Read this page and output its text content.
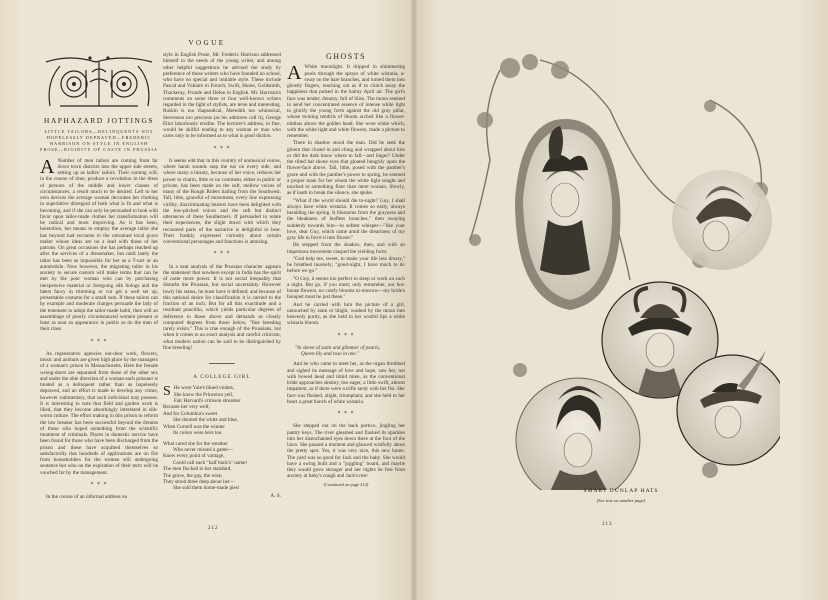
VOGUE
HAPHAZARD JOTTINGS
LITTLE TAILORS—DELINQUENTS NOT HOPELESSLY DEPRAVED—FREDERIC HARRISON ON STYLE IN ENGLISH PROSE—RIGIDITY OF CASTE IN PRUSSIA

A Number of men tailors are coming from far down town districts into the upper side streets, setting up as ladies' tailors. Their coming will, in the course of time, produce a revolution in the dress of persons of the middle and lower classes of circumstances, a result much to be desired. Left to her own devices the average woman decorates her clothing in superlative disregard of both what is fit and what is becoming, and if she can only be persuaded to look with favor upon tailor-made clothes her transformation will be radical and most improving. As it has been, heretofore, her means to employ the average tailor she has beyond had recourse to the untrained local gown maker whose ideas are on a lead with those of her patrons. On great occasions she has perhaps reached up after the services of a dressmaker, but until lately the tailor has been as impossible for her as a T-cart or an automobile. Now however, the migrating tailor in his anxiety to secure custom will make terms that can be met by the poor woman who can by purchasing inexpensive material or foregoing silk linings and the latest fancy in trimming or cut get a well set up, presentable costume for a small sum. If these tailors can by example and moderate charges persuade the lady of the tenement to adopt the tailor-made habit, then will an assemblage of poorly circumstanced women present at least as neat an appearance in public as do the men of their class.

* * *

As regenerative agencies out-door work, flowers, music and animals are given high place by the managers of a woman's prison in Massachusetts. Here the female wrong-doers are separated from those of the other sex and under the able direction of a woman each prisoner is treated as a delinquent rather than as hopelessly depraved, and an effort is made to develop any virtue, however rudimentary, that such individual may possess. It is interesting to note that field and garden work is liked, that they become absorbingly interested in silk-worm culture. The effort making in this prison to reform the law breaker has been successful beyond the dreams of those who hoped something from the scientific treatment of criminals. Places in domestic service have been found for those who have been discharged from the prison and these have acquitted themselves so satisfactorily that hundreds of applications are on file from householders for the women still undergoing sentence but who on the expiration of their term will be vouched for by the management.

* * *

In the course of an informal address on

style in English Prose, Mr. Frederic Harrison addressed himself to the needs of the young writer, and among other helpful suggestions he advised the study by preference of those writers who have founded no school, who have no special and imitable style. These include Pascal and Voltaire in French; Swift, Hume, Goldsmith, Thackeray, Froude and Defoe in English. Mr. Harrison's comments on some three or four well-known writers regarded in the light of stylists, are terse and interesting. Ruskin is too rhapsodical, Meredith too whimsical, Stevenson too precious (as his admirers call it), George Eliot laboriously erudite. The lecturer's address, in fine, would be skilful reading to any woman or man who cares only to be informed as to what is good diction.

* * *

It seems odd that in this country of unmusical voices, where harsh sounds rasp the ear on every side, and where many a beauty, because of her voice, reduces her power to charm, little or no comment, either in public or private, has been made on the soft, mellow voices of many of the Rough Riders hailing from the Southwest. Tall, lithe, graceful of movement, every line expressing virility, discriminating hearers have been delighted with the low-pitched voices and the soft but distinct utterances of these Southerners. If persuaded to relate their experiences, the slight drawl with which they recounted parts of the narrative is delightful to hear. Their frankly expressed curiosity about certain conventional personages and functions is amusing.

* * *

In a neat analysis of the Prussian character appears the statement that nowhere except in India has the spirit of caste more power. It is not social inequality that disturbs the Prussian, but social uncertainty. However lowly his status, he must have it defined; and because of this national desire for classification it is carried to the fraction of an inch. But for all this exactitude and a resultant punctilio, which yields particular degrees of deference to those above and demands as closely computed degrees from those below, "fine breeding rarely exists." This is true enough of the Prussians, but when it comes to an exact analysis and careful criticism, what modern nation can be said to be distinguished by fine breeding!

A COLLEGE GIRL
S He wore Yale's blued violets,
She knew the Princeton yell,
Fair Harvard's crimson streamer
Became her very well;
And for Columbia's sweet
She donned the white and blue,
When Cornell was the winner
Its colors were hers too.
What cared she for the weather
Who never missed a game—
Knew every point of vantage,
Could call each "half back's" name!
The men flocked to her standard,
The grave, the gay, the wise;
They stood three deep about her—
She sold them home-made pies!
A. S.
GHOSTS

A White moonlight. It dripped in shimmering pools through the sprays of white wistaria, a-sway on the bare branches, and turned them into ghostly fingers, reaching out as if to clutch away the happiness that pulsed in the balmy April air. The girl's face was tender, dreamy, full of bliss. The moon seemed to send her concentrated essence of intense white light to glorify the young form against the old gray pillar, whose twining tendrils of bloom arched like a flower-nimbus above the golden head. She wore white which, with the white light and white flowers, made a picture to remember.

There in shadow stood the man. Did he seek the gloom that closed in and clung and wrapped about him or did the dark know where to fall—and linger? Under the tilted hat shone eyes that gloated hungrily upon the flower-face above. Tall, lithe, posed with the panther's grace and with the panther's power to spring, he seemed a proper mate for her whom the white light sought and touched to something finer than mere woman. Slowly, as if loath to break the silence, she spoke.

"What if the world should die to-night? Guy, I shall always have white wistaria. It comes so early, always heralding the spring. It blossoms from the grayness and the bleakness of leafless branches," then swaying suddenly towards him—in softest whisper—"like your love, dear Guy, which came amid the dreariness of my gray life to force it into flower."

He stepped from the shadow, then, and with an impetuous movement clasped the yielding form.

"God help me, sweet, to make your life less dreary," he breathed hoarsely; "good-night, I have much to do before we go."

"O Guy, it seems too perfect to sleep or work on such a night. But go, if you must; only remember, not hot-house flowers, no costly blooms to-morrow—my bride's bouquet must be just these."

And he carried with him the picture of a girl, untouched by stain or blight, washed by the moon into heavenly purity, as she held to her wistful lips a white wistaria bloom.

* * *
"In sheen of satin and glimmer of pearls,
Queen lily and rose in one."

And he who came to meet her, as the organ throbbed and sighed its message of love and hope, saw her, not with bowed head and timid mien, as the conventional bride approaches destiny, but eager, a little swift, almost impatient, as if there were a trifle tardy with her fist. Her face was flushed, alight, triumphant, and she held to her heart a great bunch of white wistaria.

* * *

She stepped out on the back portico, jingling her pantry keys. The river gleamed and flashed its sparkles into her disenchanted eyes down there at the foot of the lawn. She paused a moment and glanced wistfully about the pretty spot. Yes, it was very nice, this new home. The yard was so good for Jack and the baby. She would have a swing built and a "joggling" board, and maybe they would grow stronger and her nights be free from anxiety at baby's cough and Jack's rest-

(Continued on page 214)
212
SMART DUNLAP HATS
(See text on another page)
213
